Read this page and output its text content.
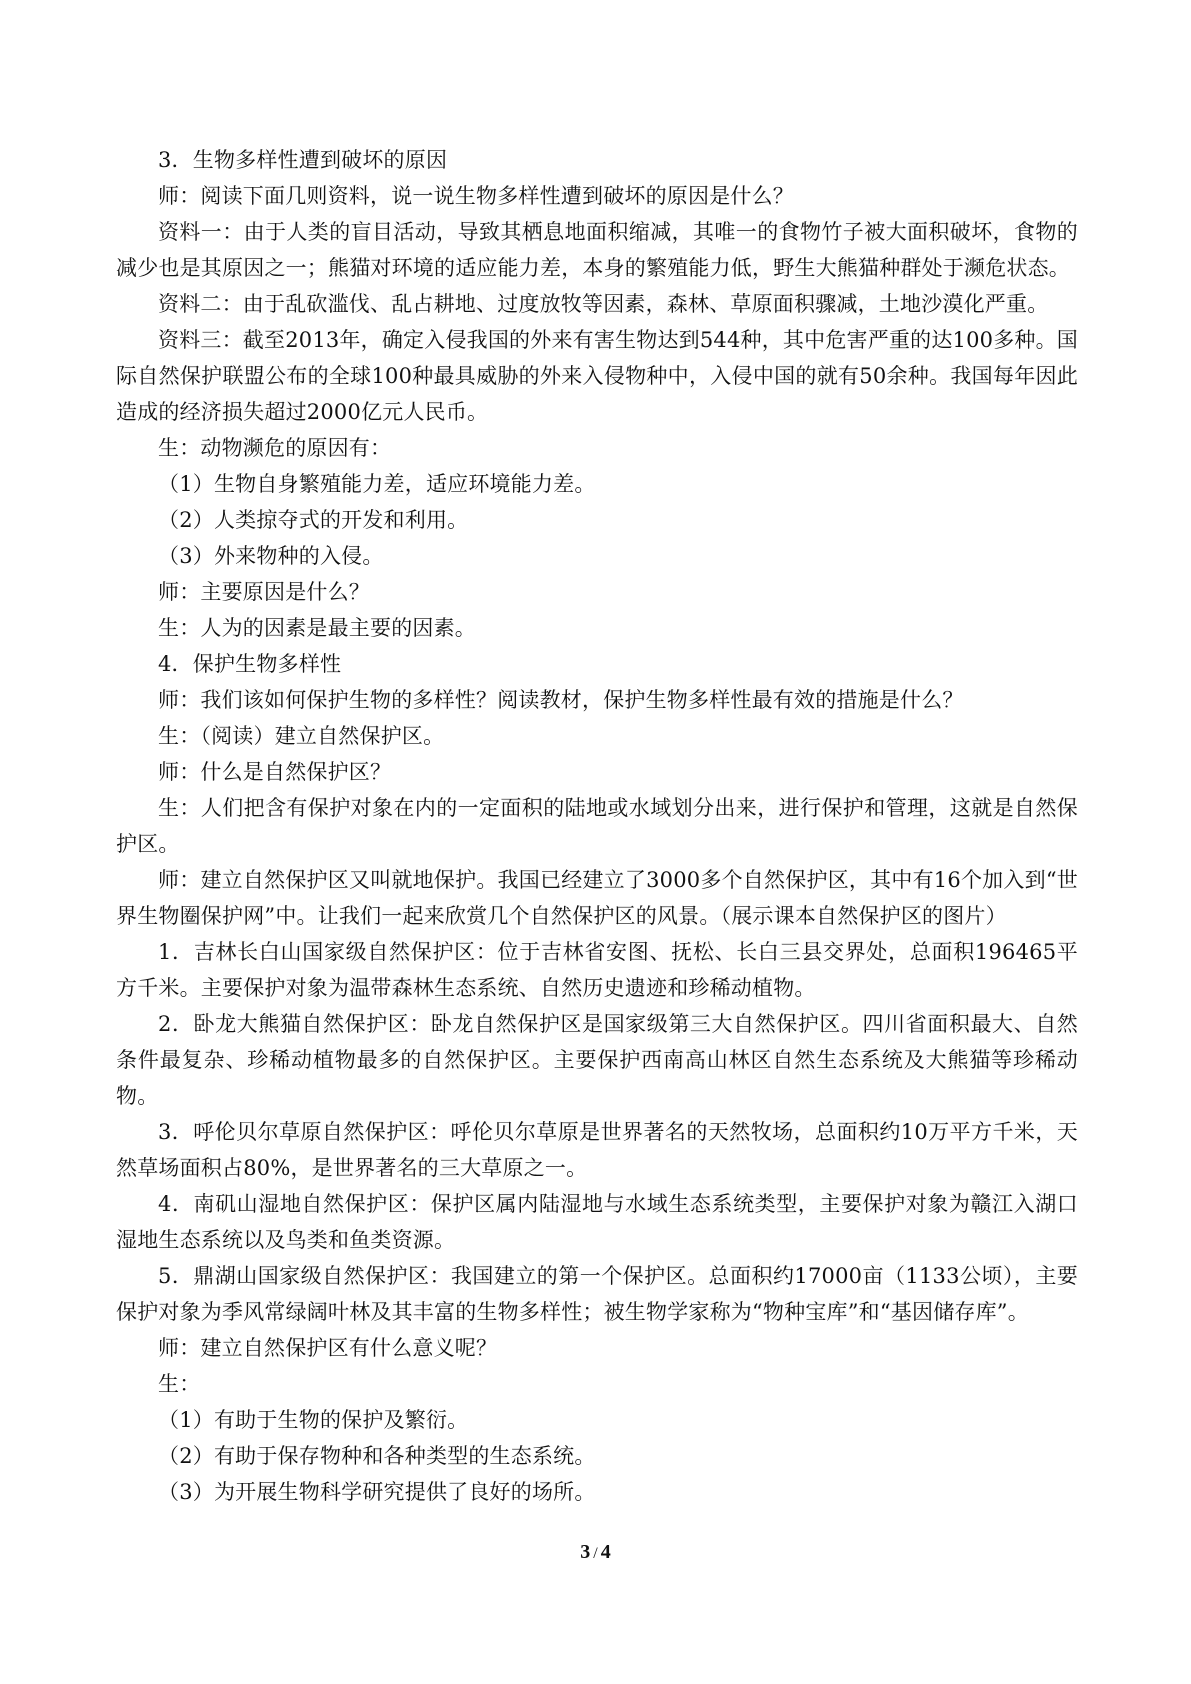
3．生物多样性遭到破坏的原因

师：阅读下面几则资料，说一说生物多样性遭到破坏的原因是什么？

资料一：由于人类的盲目活动，导致其栖息地面积缩减，其唯一的食物竹子被大面积破坏，食物的减少也是其原因之一；熊猫对环境的适应能力差，本身的繁殖能力低，野生大熊猫种群处于濒危状态。

资料二：由于乱砍滥伐、乱占耕地、过度放牧等因素，森林、草原面积骤减，土地沙漠化严重。

资料三：截至2013年，确定入侵我国的外来有害生物达到544种，其中危害严重的达100多种。国际自然保护联盟公布的全球100种最具威胁的外来入侵物种中，入侵中国的就有50余种。我国每年因此造成的经济损失超过2000亿元人民币。

生：动物濒危的原因有：

（1）生物自身繁殖能力差，适应环境能力差。

（2）人类掠夺式的开发和利用。

（3）外来物种的入侵。

师：主要原因是什么？

生：人为的因素是最主要的因素。

4．保护生物多样性

师：我们该如何保护生物的多样性？阅读教材，保护生物多样性最有效的措施是什么？

生：（阅读）建立自然保护区。

师：什么是自然保护区？

生：人们把含有保护对象在内的一定面积的陆地或水域划分出来，进行保护和管理，这就是自然保护区。

师：建立自然保护区又叫就地保护。我国已经建立了3000多个自然保护区，其中有16个加入到“世界生物圈保护网”中。让我们一起来欣赏几个自然保护区的风景。（展示课本自然保护区的图片）

1．吉林长白山国家级自然保护区：位于吉林省安图、抚松、长白三县交界处，总面积196465平方千米。主要保护对象为温带森林生态系统、自然历史遗迹和珍稀动植物。

2．卧龙大熊猫自然保护区：卧龙自然保护区是国家级第三大自然保护区。四川省面积最大、自然条件最复杂、珍稀动植物最多的自然保护区。主要保护西南高山林区自然生态系统及大熊猫等珍稀动物。

3．呼伦贝尔草原自然保护区：呼伦贝尔草原是世界著名的天然牧场，总面积约10万平方千米，天然草场面积占80%，是世界著名的三大草原之一。

4．南矶山湿地自然保护区：保护区属内陆湿地与水域生态系统类型，主要保护对象为赣江入湖口湿地生态系统以及鸟类和鱼类资源。

5．鼎湖山国家级自然保护区：我国建立的第一个保护区。总面积约17000亩（1133公顷），主要保护对象为季风常绿阔叶林及其丰富的生物多样性；被生物学家称为“物种宝库”和“基因储存库”。

师：建立自然保护区有什么意义呢？

生：

（1）有助于生物的保护及繁衍。

（2）有助于保存物种和各种类型的生态系统。

（3）为开展生物科学研究提供了良好的场所。

3 / 4
